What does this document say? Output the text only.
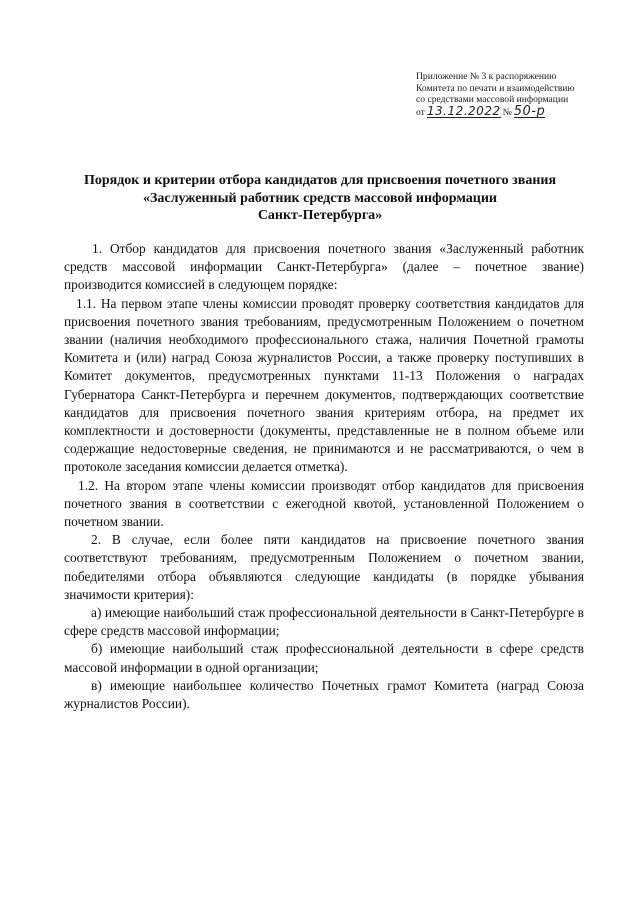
Приложение № 3 к распоряжению
Комитета по печати и взаимодействию
со средствами массовой информации
от 13.12.2022 № 50-р
Порядок и критерии отбора кандидатов для присвоения почетного звания
«Заслуженный работник средств массовой информации
Санкт-Петербурга»

1. Отбор кандидатов для присвоения почетного звания «Заслуженный работник средств массовой информации Санкт-Петербурга» (далее – почетное звание) производится комиссией в следующем порядке:

1.1. На первом этапе члены комиссии проводят проверку соответствия кандидатов для присвоения почетного звания требованиям, предусмотренным Положением о почетном звании (наличия необходимого профессионального стажа, наличия Почетной грамоты Комитета и (или) наград Союза журналистов России, а также проверку поступивших в Комитет документов, предусмотренных пунктами 11-13 Положения о наградах Губернатора Санкт-Петербурга и перечнем документов, подтверждающих соответствие кандидатов для присвоения почетного звания критериям отбора, на предмет их комплектности и достоверности (документы, представленные не в полном объеме или содержащие недостоверные сведения, не принимаются и не рассматриваются, о чем в протоколе заседания комиссии делается отметка).

1.2. На втором этапе члены комиссии производят отбор кандидатов для присвоения почетного звания в соответствии с ежегодной квотой, установленной Положением о почетном звании.

2. В случае, если более пяти кандидатов на присвоение почетного звания соответствуют требованиям, предусмотренным Положением о почетном звании, победителями отбора объявляются следующие кандидаты (в порядке убывания значимости критерия):

а) имеющие наибольший стаж профессиональной деятельности в Санкт-Петербурге в сфере средств массовой информации;

б) имеющие наибольший стаж профессиональной деятельности в сфере средств массовой информации в одной организации;

в) имеющие наибольшее количество Почетных грамот Комитета (наград Союза журналистов России).
